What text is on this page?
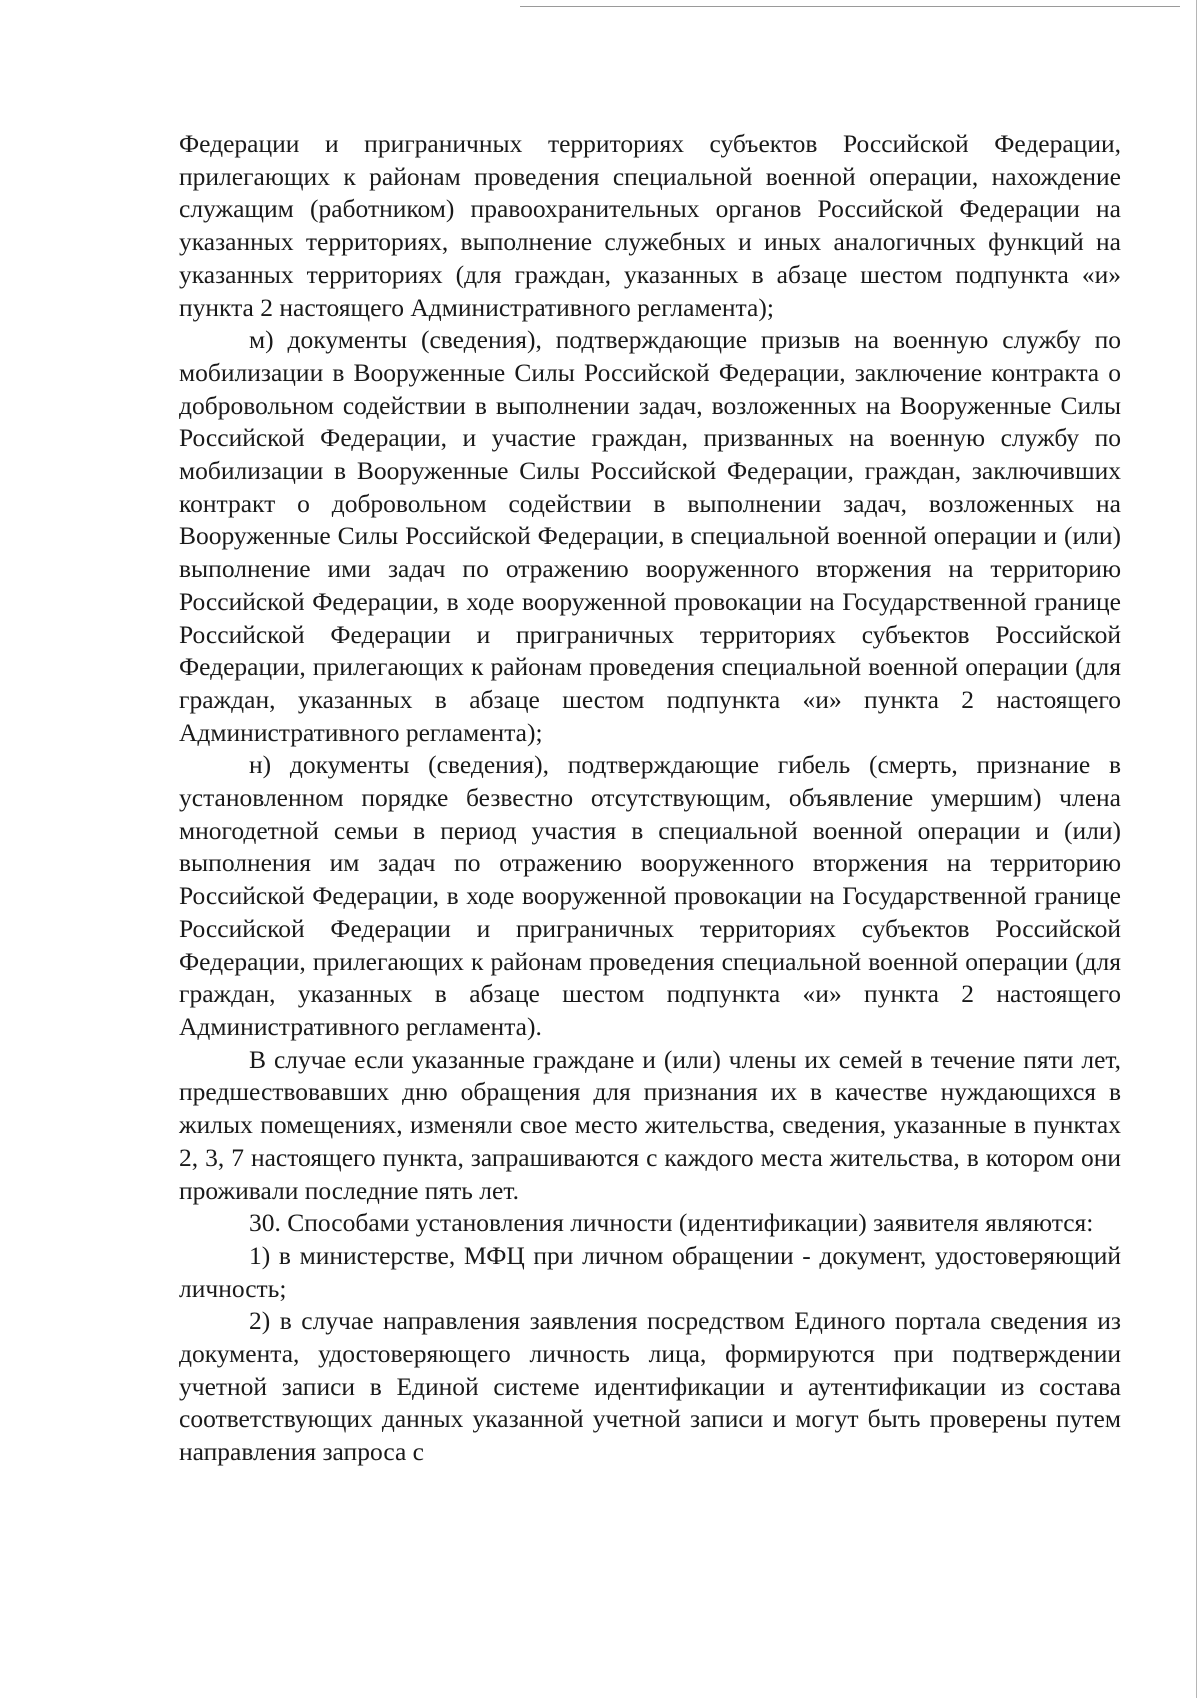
Федерации и приграничных территориях субъектов Российской Федерации, прилегающих к районам проведения специальной военной операции, нахождение служащим (работником) правоохранительных органов Российской Федерации на указанных территориях, выполнение служебных и иных аналогичных функций на указанных территориях (для граждан, указанных в абзаце шестом подпункта «и» пункта 2 настоящего Административного регламента);

м) документы (сведения), подтверждающие призыв на военную службу по мобилизации в Вооруженные Силы Российской Федерации, заключение контракта о добровольном содействии в выполнении задач, возложенных на Вооруженные Силы Российской Федерации, и участие граждан, призванных на военную службу по мобилизации в Вооруженные Силы Российской Федерации, граждан, заключивших контракт о добровольном содействии в выполнении задач, возложенных на Вооруженные Силы Российской Федерации, в специальной военной операции и (или) выполнение ими задач по отражению вооруженного вторжения на территорию Российской Федерации, в ходе вооруженной провокации на Государственной границе Российской Федерации и приграничных территориях субъектов Российской Федерации, прилегающих к районам проведения специальной военной операции (для граждан, указанных в абзаце шестом подпункта «и» пункта 2 настоящего Административного регламента);

н) документы (сведения), подтверждающие гибель (смерть, признание в установленном порядке безвестно отсутствующим, объявление умершим) члена многодетной семьи в период участия в специальной военной операции и (или) выполнения им задач по отражению вооруженного вторжения на территорию Российской Федерации, в ходе вооруженной провокации на Государственной границе Российской Федерации и приграничных территориях субъектов Российской Федерации, прилегающих к районам проведения специальной военной операции (для граждан, указанных в абзаце шестом подпункта «и» пункта 2 настоящего Административного регламента).

В случае если указанные граждане и (или) члены их семей в течение пяти лет, предшествовавших дню обращения для признания их в качестве нуждающихся в жилых помещениях, изменяли свое место жительства, сведения, указанные в пунктах 2, 3, 7 настоящего пункта, запрашиваются с каждого места жительства, в котором они проживали последние пять лет.

30. Способами установления личности (идентификации) заявителя являются:

1) в министерстве, МФЦ при личном обращении - документ, удостоверяющий личность;

2) в случае направления заявления посредством Единого портала сведения из документа, удостоверяющего личность лица, формируются при подтверждении учетной записи в Единой системе идентификации и аутентификации из состава соответствующих данных указанной учетной записи и могут быть проверены путем направления запроса с
